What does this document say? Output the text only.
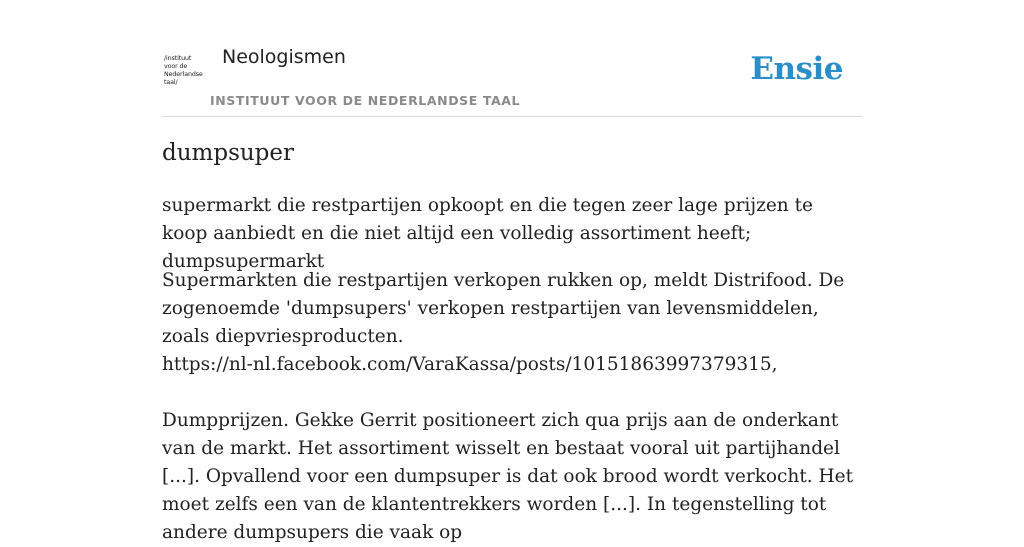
/instituut
voor de
Nederlandse
taal/
Neologismen
INSTITUUT VOOR DE NEDERLANDSE TAAL
Ensie
dumpsuper

supermarkt die restpartijen opkoopt en die tegen zeer lage prijzen te koop aanbiedt en die niet altijd een volledig assortiment heeft; dumpsupermarkt

Supermarkten die restpartijen verkopen rukken op, meldt Distrifood. De zogenoemde 'dumpsupers' verkopen restpartijen van levensmiddelen, zoals diepvriesproducten.
https://nl-nl.facebook.com/VaraKassa/posts/10151863997379315,

Dumpprijzen. Gekke Gerrit positioneert zich qua prijs aan de onderkant van de markt. Het assortiment wisselt en bestaat vooral uit partijhandel [...]. Opvallend voor een dumpsuper is dat ook brood wordt verkocht. Het moet zelfs een van de klantentrekkers worden [...]. In tegenstelling tot andere dumpsupers die vaak op
